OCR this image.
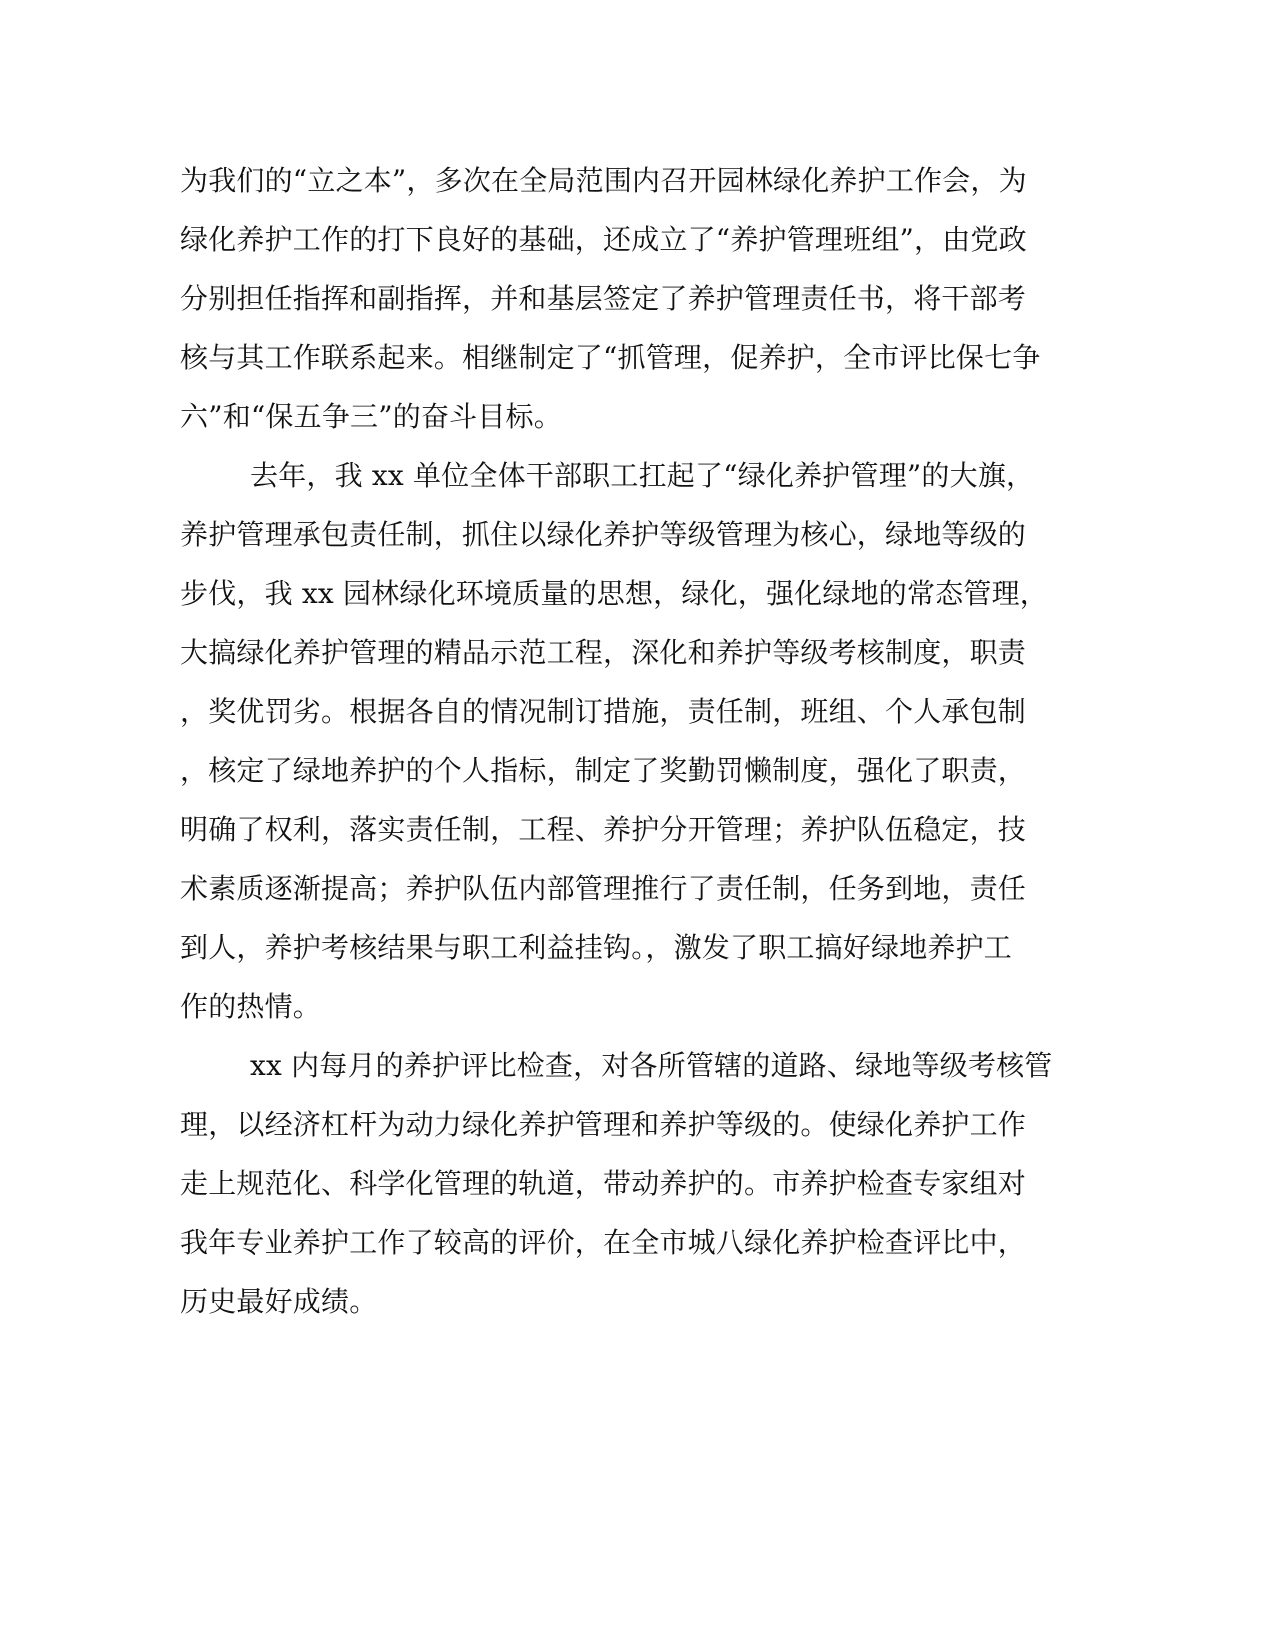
为我们的“立之本”，多次在全局范围内召开园林绿化养护工作会，为

绿化养护工作的打下良好的基础，还成立了“养护管理班组”，由党政

分别担任指挥和副指挥，并和基层签定了养护管理责任书，将干部考

核与其工作联系起来。相继制定了“抓管理，促养护，全市评比保七争

六”和“保五争三”的奋斗目标。

去年，我 xx 单位全体干部职工扛起了“绿化养护管理”的大旗，

养护管理承包责任制，抓住以绿化养护等级管理为核心，绿地等级的

步伐，我 xx 园林绿化环境质量的思想，绿化，强化绿地的常态管理，

大搞绿化养护管理的精品示范工程，深化和养护等级考核制度，职责

，奖优罚劣。根据各自的情况制订措施，责任制，班组、个人承包制

，核定了绿地养护的个人指标，制定了奖勤罚懒制度，强化了职责，

明确了权利，落实责任制，工程、养护分开管理；养护队伍稳定，技

术素质逐渐提高；养护队伍内部管理推行了责任制，任务到地，责任

到人，养护考核结果与职工利益挂钩。，激发了职工搞好绿地养护工

作的热情。

xx 内每月的养护评比检查，对各所管辖的道路、绿地等级考核管

理，以经济杠杆为动力绿化养护管理和养护等级的。使绿化养护工作

走上规范化、科学化管理的轨道，带动养护的。市养护检查专家组对

我年专业养护工作了较高的评价，在全市城八绿化养护检查评比中，

历史最好成绩。
